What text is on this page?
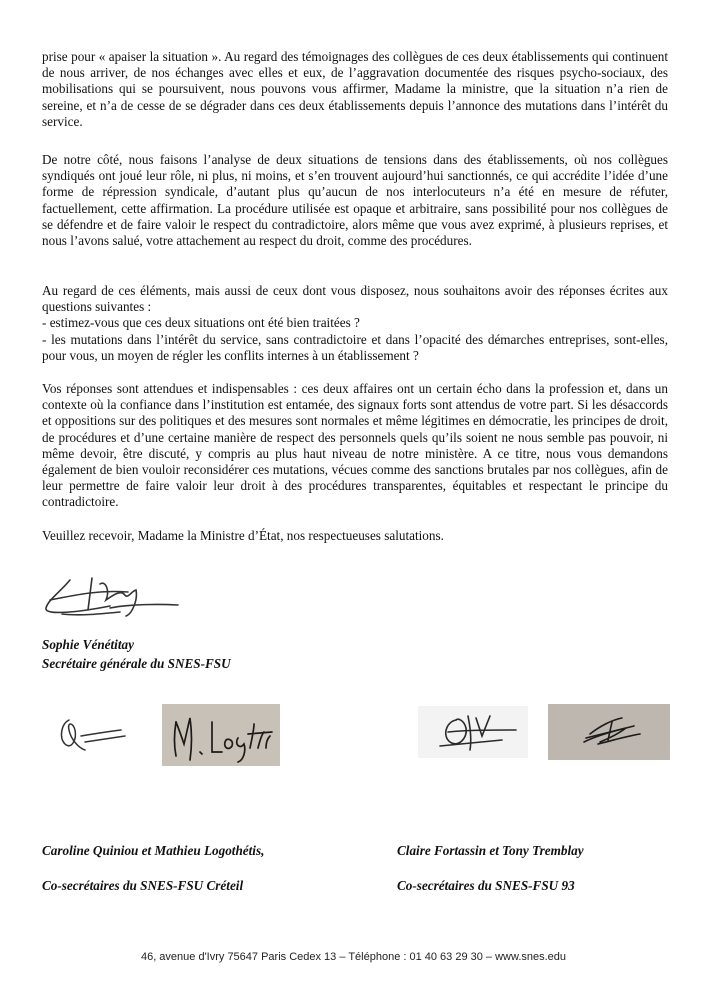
prise pour « apaiser la situation ». Au regard des témoignages des collègues de ces deux établissements qui continuent de nous arriver, de nos échanges avec elles et eux, de l’aggravation documentée des risques psycho-sociaux, des mobilisations qui se poursuivent, nous pouvons vous affirmer, Madame la ministre, que la situation n’a rien de sereine, et n’a de cesse de se dégrader dans ces deux établissements depuis l’annonce des mutations dans l’intérêt du service.
De notre côté, nous faisons l’analyse de deux situations de tensions dans des établissements, où nos collègues syndiqués ont joué leur rôle, ni plus, ni moins, et s’en trouvent aujourd’hui sanctionnés, ce qui accrédite l’idée d’une forme de répression syndicale, d’autant plus qu’aucun de nos interlocuteurs n’a été en mesure de réfuter, factuellement, cette affirmation. La procédure utilisée est opaque et arbitraire, sans possibilité pour nos collègues de se défendre et de faire valoir le respect du contradictoire, alors même que vous avez exprimé, à plusieurs reprises, et nous l’avons salué, votre attachement au respect du droit, comme des procédures.
Au regard de ces éléments, mais aussi de ceux dont vous disposez, nous souhaitons avoir des réponses écrites aux questions suivantes :
- estimez-vous que ces deux situations ont été bien traitées ?
- les mutations dans l’intérêt du service, sans contradictoire et dans l’opacité des démarches entreprises, sont-elles, pour vous, un moyen de régler les conflits internes à un établissement ?
Vos réponses sont attendues et indispensables : ces deux affaires ont un certain écho dans la profession et, dans un contexte où la confiance dans l’institution est entamée, des signaux forts sont attendus de votre part. Si les désaccords et oppositions sur des politiques et des mesures sont normales et même légitimes en démocratie, les principes de droit, de procédures et d’une certaine manière de respect des personnels quels qu’ils soient ne nous semble pas pouvoir, ni même devoir, être discuté, y compris au plus haut niveau de notre ministère. A ce titre, nous vous demandons également de bien vouloir reconsidérer ces mutations, vécues comme des sanctions brutales par nos collègues, afin de leur permettre de faire valoir leur droit à des procédures transparentes, équitables et respectant le principe du contradictoire.
Veuillez recevoir, Madame la Ministre d’État, nos respectueuses salutations.
Sophie Vénétitay
Secrétaire générale du SNES-FSU
Caroline Quiniou et Mathieu Logothétis,
Co-secrétaires du SNES-FSU Créteil
Claire Fortassin et Tony Tremblay
Co-secrétaires du SNES-FSU 93
46, avenue d'Ivry 75647 Paris Cedex 13 – Téléphone : 01 40 63 29 30 – www.snes.edu
